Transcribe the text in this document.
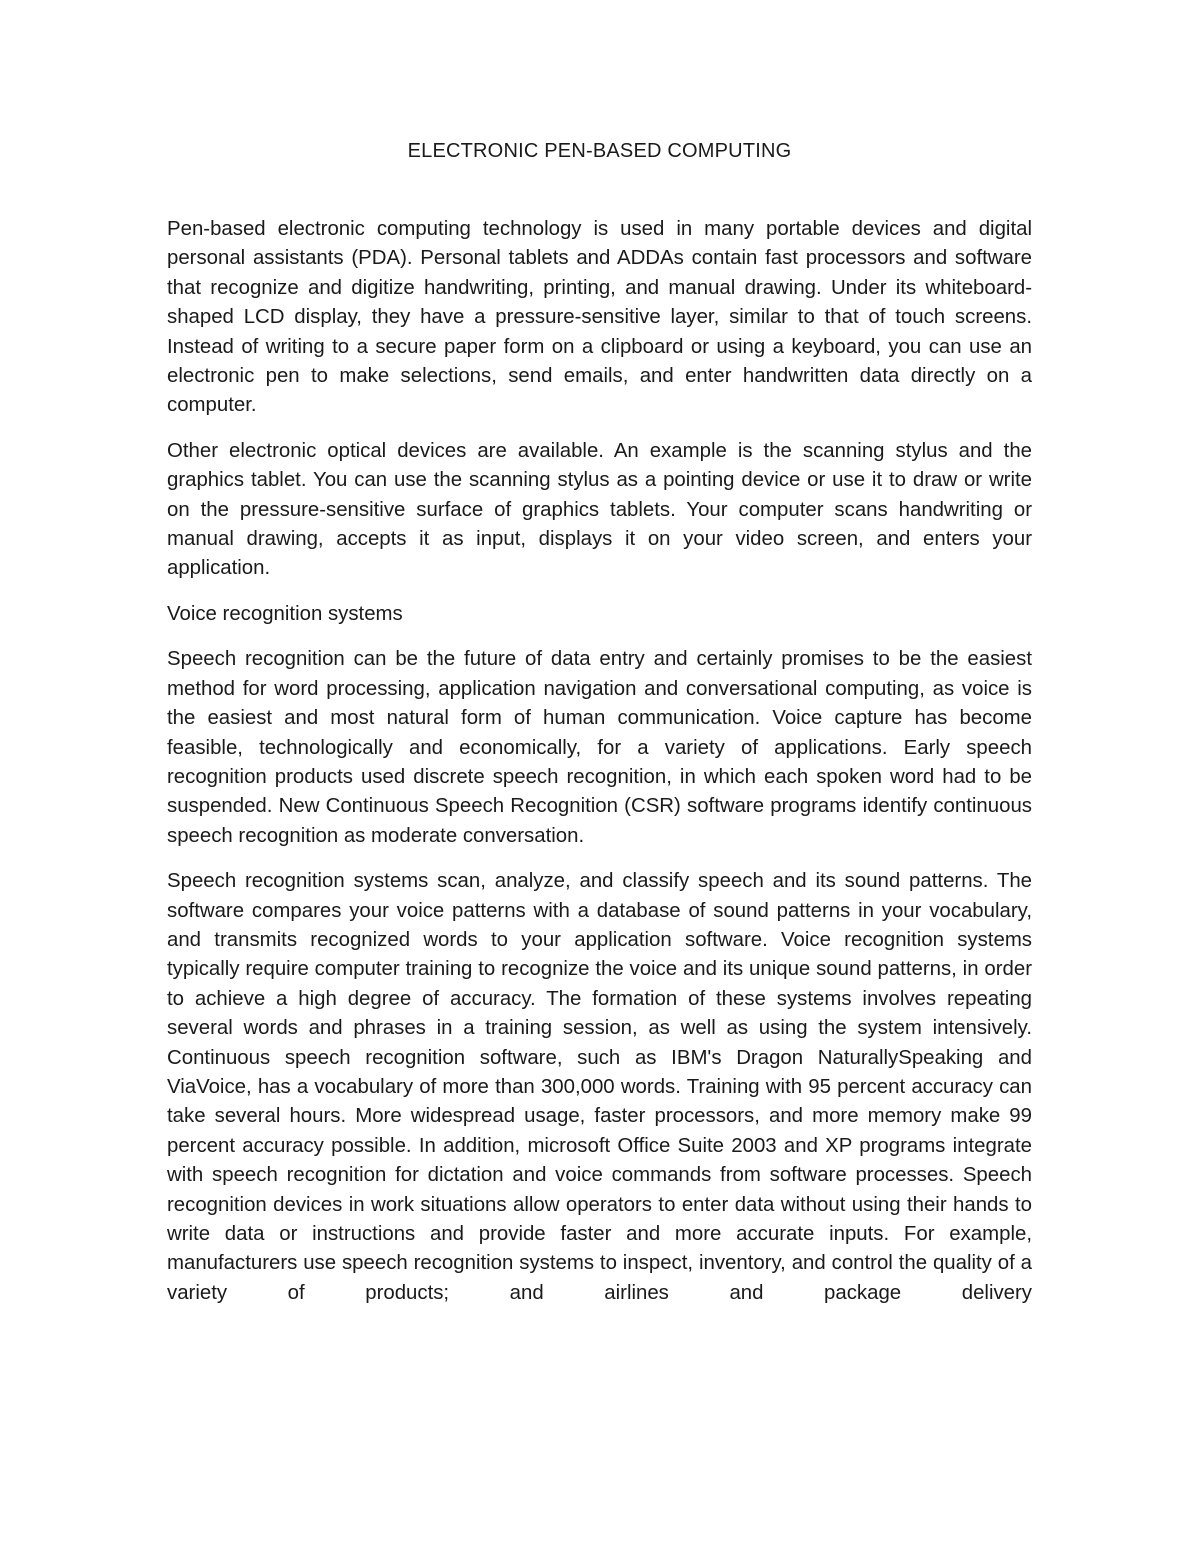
ELECTRONIC PEN-BASED COMPUTING

Pen-based electronic computing technology is used in many portable devices and digital personal assistants (PDA). Personal tablets and ADDAs contain fast processors and software that recognize and digitize handwriting, printing, and manual drawing. Under its whiteboard-shaped LCD display, they have a pressure-sensitive layer, similar to that of touch screens. Instead of writing to a secure paper form on a clipboard or using a keyboard, you can use an electronic pen to make selections, send emails, and enter handwritten data directly on a computer.

Other electronic optical devices are available. An example is the scanning stylus and the graphics tablet. You can use the scanning stylus as a pointing device or use it to draw or write on the pressure-sensitive surface of graphics tablets. Your computer scans handwriting or manual drawing, accepts it as input, displays it on your video screen, and enters your application.

Voice recognition systems

Speech recognition can be the future of data entry and certainly promises to be the easiest method for word processing, application navigation and conversational computing, as voice is the easiest and most natural form of human communication. Voice capture has become feasible, technologically and economically, for a variety of applications. Early speech recognition products used discrete speech recognition, in which each spoken word had to be suspended. New Continuous Speech Recognition (CSR) software programs identify continuous speech recognition as moderate conversation.

Speech recognition systems scan, analyze, and classify speech and its sound patterns. The software compares your voice patterns with a database of sound patterns in your vocabulary, and transmits recognized words to your application software. Voice recognition systems typically require computer training to recognize the voice and its unique sound patterns, in order to achieve a high degree of accuracy. The formation of these systems involves repeating several words and phrases in a training session, as well as using the system intensively. Continuous speech recognition software, such as IBM's Dragon NaturallySpeaking and ViaVoice, has a vocabulary of more than 300,000 words. Training with 95 percent accuracy can take several hours. More widespread usage, faster processors, and more memory make 99 percent accuracy possible. In addition, microsoft Office Suite 2003 and XP programs integrate with speech recognition for dictation and voice commands from software processes. Speech recognition devices in work situations allow operators to enter data without using their hands to write data or instructions and provide faster and more accurate inputs. For example, manufacturers use speech recognition systems to inspect, inventory, and control the quality of a variety of products; and airlines and package delivery
